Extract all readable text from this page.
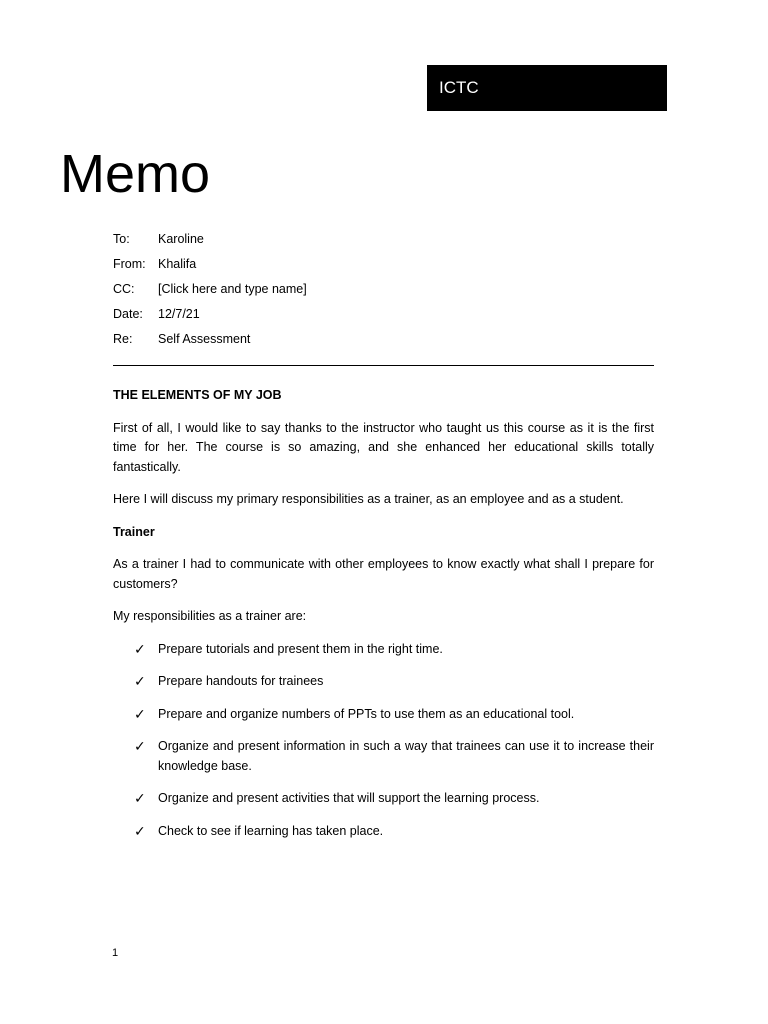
ICTC
Memo
To:	Karoline
From: Khalifa
CC:	[Click here and type name]
Date:	12/7/21
Re:	Self Assessment

THE ELEMENTS OF MY JOB

First of all, I would like to say thanks to the instructor who taught us this course as it is the first time for her. The course is so amazing, and she enhanced her educational skills totally fantastically.

Here I will discuss my primary responsibilities as a trainer, as an employee and as a student.

Trainer

As a trainer I had to communicate with other employees to know exactly what shall I prepare for customers?

My responsibilities as a trainer are:

✓ Prepare tutorials and present them in the right time.
✓ Prepare handouts for trainees
✓ Prepare and organize numbers of PPTs to use them as an educational tool.
✓ Organize and present information in such a way that trainees can use it to increase their knowledge base.
✓ Organize and present activities that will support the learning process.
✓ Check to see if learning has taken place.
1
